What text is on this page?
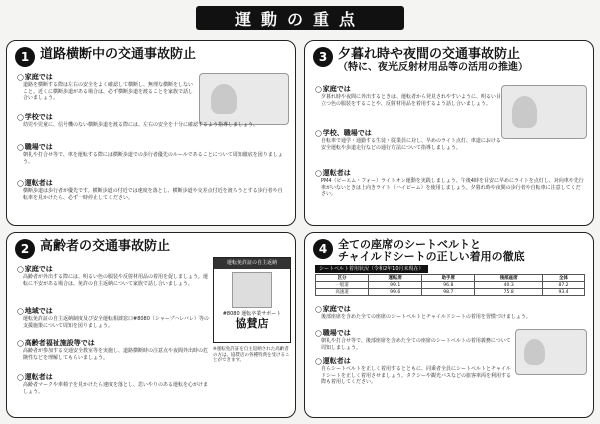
運動の重点
1 道路横断中の交通事故防止
◯ 家庭では
道路を横断する際は左右の安全をよく確認して横断し、無理な横断をしないこと。近くに横断歩道がある場合は、必ず横断歩道を渡ることを家族で話し合いましょう。
◯ 学校では
幼児や児童に、信号機のない横断歩道を渡る際には、左右の安全を十分に確認するよう指導しましょう。
◯ 職場では
朝礼や打合せ等で、車を運転する際には横断歩道での歩行者優先のルールであることについて周知徹底を図りましょう。
◯ 運転者は
横断歩道は歩行者が優先です。横断歩道の付近では速度を落とし、横断歩道や交差点付近を渡ろうとする歩行者や自転車を見かけたら、必ず一時停止してください。
3 夕暮れ時や夜間の交通事故防止
（特に、夜光反射材用品等の活用の推進）
◯ 家庭では
夕暮れ時や夜間に外出するときは、運転者から発見されやすいように、明るい目立つ色の服装をすることや、反射材用品を着用するよう話し合いましょう。
◯ 学校、職場では
自転車で通学・通勤する生徒・従業員に対し、早めのライト点灯、車道における安全運転や歩道走行などの通行方法について指導しましょう。
◯ 運転者は
PM4（ピーエム・フォー）ライトオン運動を実践しましょう。午後4時を目安に早めにライトを点灯し、対向車や先行車がいないときは上向きライト（ハイビーム）を使用しましょう。夕暮れ時や夜間の歩行者や自転車に注意してください。
2 高齢者の交通事故防止
◯ 家庭では
高齢者が外出する際には、明るい色の服装や反射材用品の着用を促しましょう。運転に不安がある場合は、免許の自主返納について家族で話し合いましょう。
◯ 地域では
運転免許証の自主返納制度及び安全運転相談窓口#8080（シャープハレバレ）等の支援施策について周知を図りましょう。
◯ 高齢者福祉施設等では
高齢者が参加する交通安全教室等を実施し、道路横断時の注意点や夜間外出時の危険性などを理解してもらいましょう。
◯ 運転者は
高齢者マークや車椅子を見かけたら速度を落とし、思いやりのある運転を心がけましょう。
運転免許証の自主返納
#8080 運転卒業サポート
協賛店
※運転免許証を自主返納された高齢者の方は、協賛店の各種特典を受けることができます。
4 全ての座席のシートベルトと
チャイルドシートの正しい着用の徹底
シートベルト着用状況（令和2年10月末現在）
区分	運転席	助手席	後部座席	全体
一般道	99.1	96.8	40.3	87.2
高速道	99.6	98.7	75.8	93.4
◯ 家庭では
後部座席を含めた全ての座席のシートベルトとチャイルドシートの着用を習慣づけましょう。
◯ 職場では
朝礼や打合せ等で、後部座席を含めた全ての座席のシートベルトの着用義務について周知しましょう。
◯ 運転者は
自らシートベルトを正しく着用するとともに、同乗者全員にシートベルトとチャイルドシートを正しく着用させましょう。タクシーや観光バスなどの旅客車両を利用する際も着用してください。
